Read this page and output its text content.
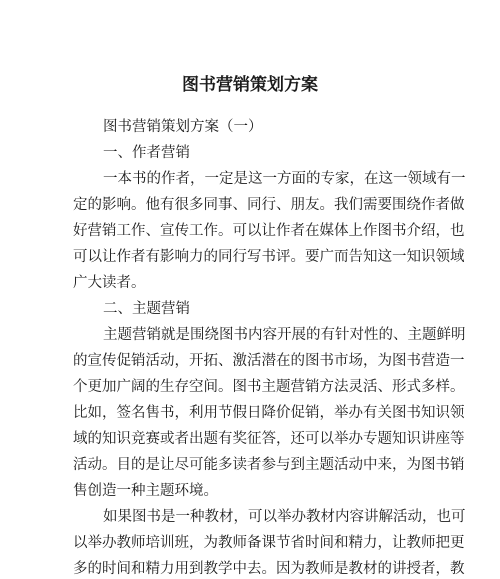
图书营销策划方案

图书营销策划方案（一）

一、作者营销

一本书的作者，一定是这一方面的专家，在这一领域有一

定的影响。他有很多同事、同行、朋友。我们需要围绕作者做

好营销工作、宣传工作。可以让作者在媒体上作图书介绍，也

可以让作者有影响力的同行写书评。要广而告知这一知识领域

广大读者。

二、主题营销

主题营销就是围绕图书内容开展的有针对性的、主题鲜明

的宣传促销活动，开拓、激活潜在的图书市场，为图书营造一

个更加广阔的生存空间。图书主题营销方法灵活、形式多样。

比如，签名售书，利用节假日降价促销，举办有关图书知识领

域的知识竞赛或者出题有奖征答，还可以举办专题知识讲座等

活动。目的是让尽可能多读者参与到主题活动中来，为图书销

售创造一种主题环境。

如果图书是一种教材，可以举办教材内容讲解活动，也可

以举办教师培训班，为教师备课节省时间和精力，让教师把更

多的时间和精力用到教学中去。因为教师是教材的讲授者，教
